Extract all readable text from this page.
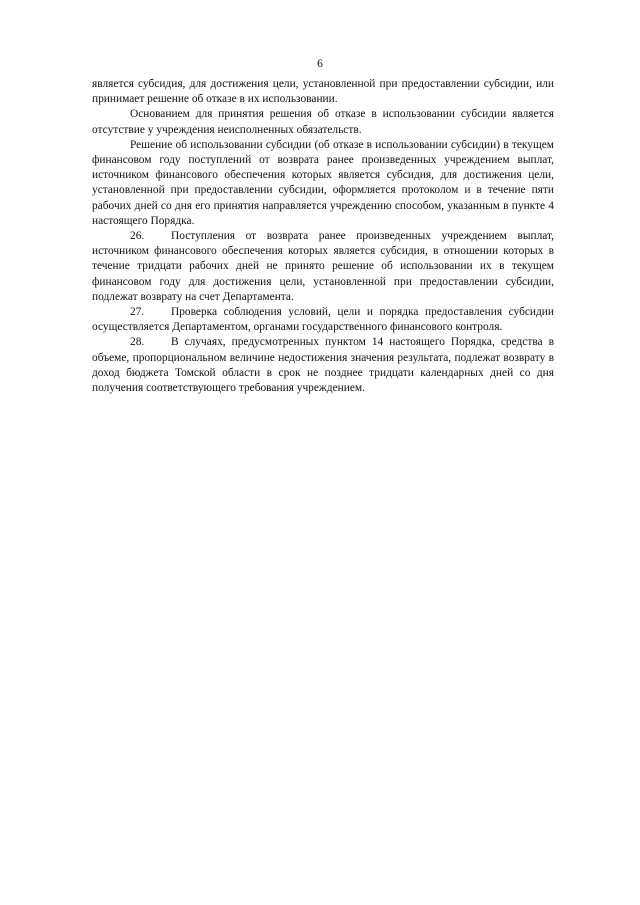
6

является субсидия, для достижения цели, установленной при предоставлении субсидии, или принимает решение об отказе в их использовании.

Основанием для принятия решения об отказе в использовании субсидии является отсутствие у учреждения неисполненных обязательств.

Решение об использовании субсидии (об отказе в использовании субсидии) в текущем финансовом году поступлений от возврата ранее произведенных учреждением выплат, источником финансового обеспечения которых является субсидия, для достижения цели, установленной при предоставлении субсидии, оформляется протоколом и в течение пяти рабочих дней со дня его принятия направляется учреждению способом, указанным в пункте 4 настоящего Порядка.

26. Поступления от возврата ранее произведенных учреждением выплат, источником финансового обеспечения которых является субсидия, в отношении которых в течение тридцати рабочих дней не принято решение об использовании их в текущем финансовом году для достижения цели, установленной при предоставлении субсидии, подлежат возврату на счет Департамента.

27. Проверка соблюдения условий, цели и порядка предоставления субсидии осуществляется Департаментом, органами государственного финансового контроля.

28. В случаях, предусмотренных пунктом 14 настоящего Порядка, средства в объеме, пропорциональном величине недостижения значения результата, подлежат возврату в доход бюджета Томской области в срок не позднее тридцати календарных дней со дня получения соответствующего требования учреждением.
